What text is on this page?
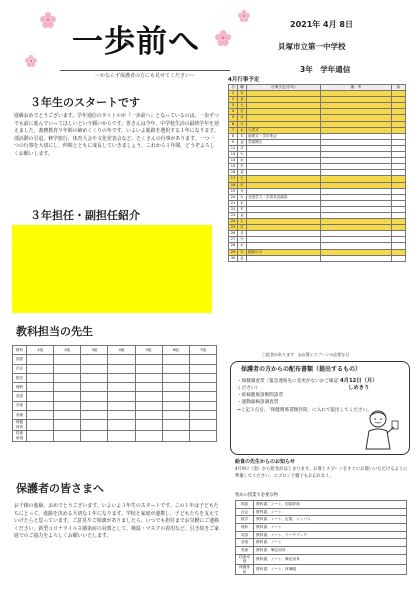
一歩前へ
〜かならず保護者の方にも見せてください〜
2021年 4月 8日
貝塚市立第一中学校
3年　学年通信
３年生のスタートです
進級おめでとうございます。学年通信のタイトルが『一歩前へ』となっているのは、一歩ずつでも前に進んでいってほしいという願いからです。皆さんは今年、中学校生活の最終学年を迎えました。義務教育９年間の締めくくりの年です。いよいよ進路を選択する１年になります。部活動の引退、修学旅行、体育大会や文化発表会など、たくさんの行事があります。一つ一つの行事を大切にし、仲間とともに成長していきましょう。これから１年間、どうぞよろしくお願いします。
３年担任・副担任紹介
4月行事予定
日	曜	行事予定(学年)	備　考	給
1	木			
2	金			
3	土			
4	日			
5	月			
6	火			
7	水	入学式		
8	木	始業式・学年集会		
9	金	学級開き		
12	月			
13	火			
14	水			
15	木			
16	金			
17	土			
18	日			
19	月			
20	火	全国学力・学習状況調査		
21	水			
22	木			
23	金			
24	土			
25	日			
26	月			
27	火			
28	水			
29	木	昭和の日		
30	金			
〇給食があります　◎お箸とスプーンの必要な日
教科担当の先生
教科	1組	2組	3組	4組	5組	6組	7組
国語							
社会							
数学							
理科							
英語							
音楽							
美術							
保健体育							
技術家庭							
保護者の方からの配布書類（提出するもの）
・保健調査票（緊急連絡先に変更がないかご確認ください）
・結核健康診断問診票
・運動器検診調査票
⇒上記３点を、「保健関係書類封筒」に入れて提出してください。
4月12日（月）
しめきり
給食の先生からのお知らせ
4月9日（金）から給食がはじまります。お箸とスプーンをすぐにお使いいただけるように準備してください。エプロンと帽子もお忘れなく。
始めの授業で必要な物
国語	教科書、ノート、国語辞典
社会	教科書、ノート
数学	教科書、ノート、定規、コンパス
理科	教科書、ノート
英語	教科書、ノート、ワークブック
音楽	教科書、ノート
美術	教科書、筆記用具
技術家庭	教科書、ノート、筆記用具
保健体育	教科書、ノート、体操服
保護者の皆さまへ
お子様の進級、おめでとうございます。いよいよ３年生のスタートです。この１年は子どもたちにとって、進路を決める大切な１年になります。学校と家庭が連携し、子どもたちを支えていけたらと思っています。ご意見やご相談がありましたら、いつでも担任までお気軽にご連絡ください。新型コロナウイルス感染症の対策として、検温・マスクの着用など、引き続きご家庭でのご協力をよろしくお願いいたします。
